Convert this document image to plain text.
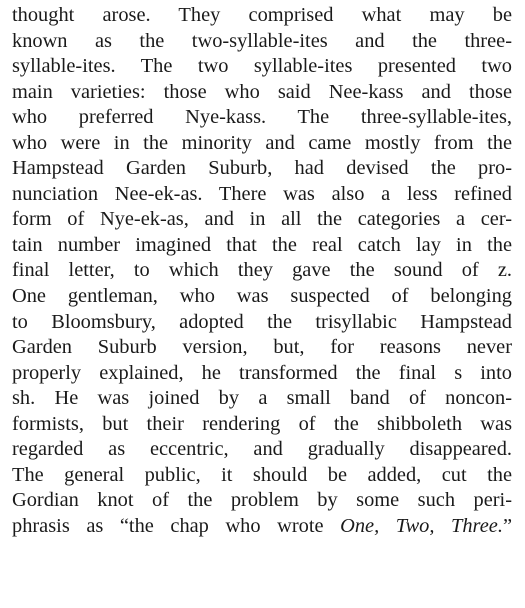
thought arose. They comprised what may be
known as the two-syllable-ites and the three-
syllable-ites. The two syllable-ites presented two
main varieties: those who said Nee-kass and those
who preferred Nye-kass. The three-syllable-ites,
who were in the minority and came mostly from the
Hampstead Garden Suburb, had devised the pro-
nunciation Nee-ek-as. There was also a less refined
form of Nye-ek-as, and in all the categories a cer-
tain number imagined that the real catch lay in the
final letter, to which they gave the sound of z.
One gentleman, who was suspected of belonging
to Bloomsbury, adopted the trisyllabic Hampstead
Garden Suburb version, but, for reasons never
properly explained, he transformed the final s into
sh. He was joined by a small band of noncon-
formists, but their rendering of the shibboleth was
regarded as eccentric, and gradually disappeared.
The general public, it should be added, cut the
Gordian knot of the problem by some such peri-
phrasis as “the chap who wrote One, Two, Three.”
